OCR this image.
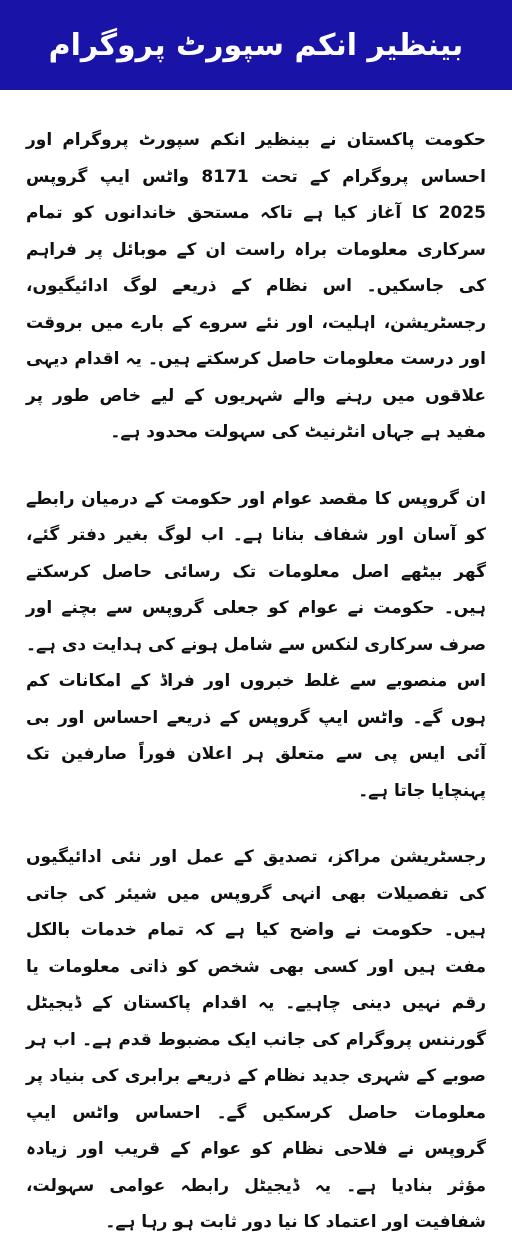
بینظیر انکم سپورٹ پروگرام

حکومت پاکستان نے بینظیر انکم سپورٹ پروگرام اور احساس پروگرام کے تحت 8171 واٹس ایپ گروپس 2025 کا آغاز کیا ہے تاکہ مستحق خاندانوں کو تمام سرکاری معلومات براہ راست ان کے موبائل پر فراہم کی جاسکیں۔ اس نظام کے ذریعے لوگ ادائیگیوں، رجسٹریشن، اہلیت، اور نئے سروے کے بارے میں بروقت اور درست معلومات حاصل کرسکتے ہیں۔ یہ اقدام دیہی علاقوں میں رہنے والے شہریوں کے لیے خاص طور پر مفید ہے جہاں انٹرنیٹ کی سہولت محدود ہے۔

ان گروپس کا مقصد عوام اور حکومت کے درمیان رابطے کو آسان اور شفاف بنانا ہے۔ اب لوگ بغیر دفتر گئے، گھر بیٹھے اصل معلومات تک رسائی حاصل کرسکتے ہیں۔ حکومت نے عوام کو جعلی گروپس سے بچنے اور صرف سرکاری لنکس سے شامل ہونے کی ہدایت دی ہے۔ اس منصوبے سے غلط خبروں اور فراڈ کے امکانات کم ہوں گے۔ واٹس ایپ گروپس کے ذریعے احساس اور بی آئی ایس پی سے متعلق ہر اعلان فوراً صارفین تک پہنچایا جاتا ہے۔

رجسٹریشن مراکز، تصدیق کے عمل اور نئی ادائیگیوں کی تفصیلات بھی انہی گروپس میں شیئر کی جاتی ہیں۔ حکومت نے واضح کیا ہے کہ تمام خدمات بالکل مفت ہیں اور کسی بھی شخص کو ذاتی معلومات یا رقم نہیں دینی چاہیے۔ یہ اقدام پاکستان کے ڈیجیٹل گورننس پروگرام کی جانب ایک مضبوط قدم ہے۔ اب ہر صوبے کے شہری جدید نظام کے ذریعے برابری کی بنیاد پر معلومات حاصل کرسکیں گے۔ احساس واٹس ایپ گروپس نے فلاحی نظام کو عوام کے قریب اور زیادہ مؤثر بنادیا ہے۔ یہ ڈیجیٹل رابطہ عوامی سہولت، شفافیت اور اعتماد کا نیا دور ثابت ہو رہا ہے۔
